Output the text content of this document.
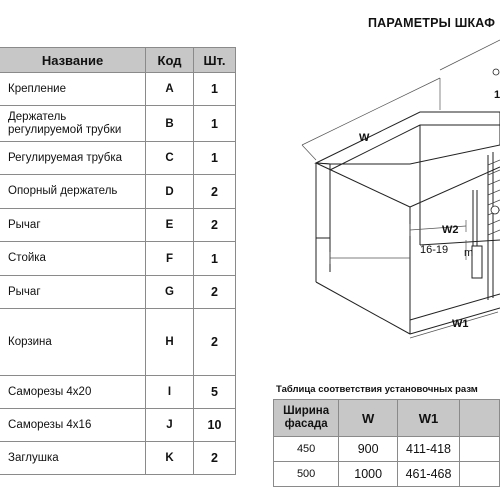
Название	Код	Шт.
Крепление	A	1
Держатель
регулируемой трубки	B	1
Регулируемая трубка	C	1
Опорный держатель	D	2
Рычаг	E	2
Стойка	F	1
Рычаг	G	2
Корзина	H	2
Саморезы 4х20	I	5
Саморезы 4х16	J	10
Заглушка	K	2
ПАРАМЕТРЫ ШКАФ
W
W2
16-19
W1
m
1
Таблица соответствия установочных разм
Ширина
фасада	W	W1	
450	900	411-418	
500	1000	461-468	
